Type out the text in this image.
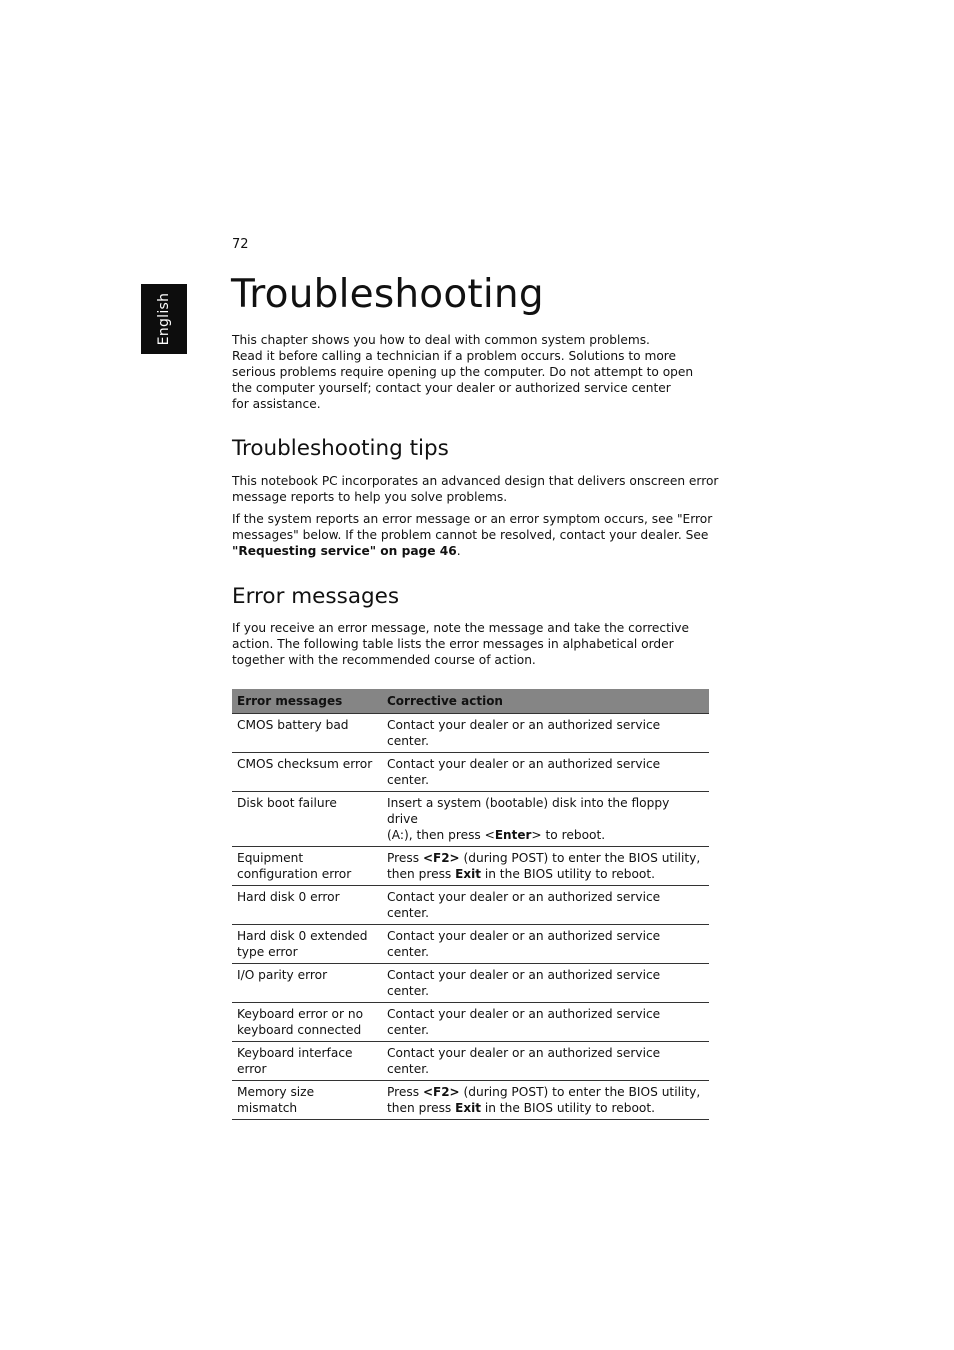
English
72
Troubleshooting

This chapter shows you how to deal with common system problems.
Read it before calling a technician if a problem occurs. Solutions to more
serious problems require opening up the computer. Do not attempt to open
the computer yourself; contact your dealer or authorized service center
for assistance.

Troubleshooting tips

This notebook PC incorporates an advanced design that delivers onscreen error
message reports to help you solve problems.

If the system reports an error message or an error symptom occurs, see "Error
messages" below. If the problem cannot be resolved, contact your dealer. See
"Requesting service" on page 46.

Error messages

If you receive an error message, note the message and take the corrective
action. The following table lists the error messages in alphabetical order
together with the recommended course of action.

Error messages	Corrective action
CMOS battery bad	Contact your dealer or an authorized service center.
CMOS checksum error	Contact your dealer or an authorized service center.
Disk boot failure	Insert a system (bootable) disk into the floppy drive
(A:), then press <Enter> to reboot.
Equipment
configuration error	Press <F2> (during POST) to enter the BIOS utility,
then press Exit in the BIOS utility to reboot.
Hard disk 0 error	Contact your dealer or an authorized service center.
Hard disk 0 extended
type error	Contact your dealer or an authorized service center.
I/O parity error	Contact your dealer or an authorized service center.
Keyboard error or no
keyboard connected	Contact your dealer or an authorized service center.
Keyboard interface
error	Contact your dealer or an authorized service center.
Memory size mismatch	Press <F2> (during POST) to enter the BIOS utility,
then press Exit in the BIOS utility to reboot.
